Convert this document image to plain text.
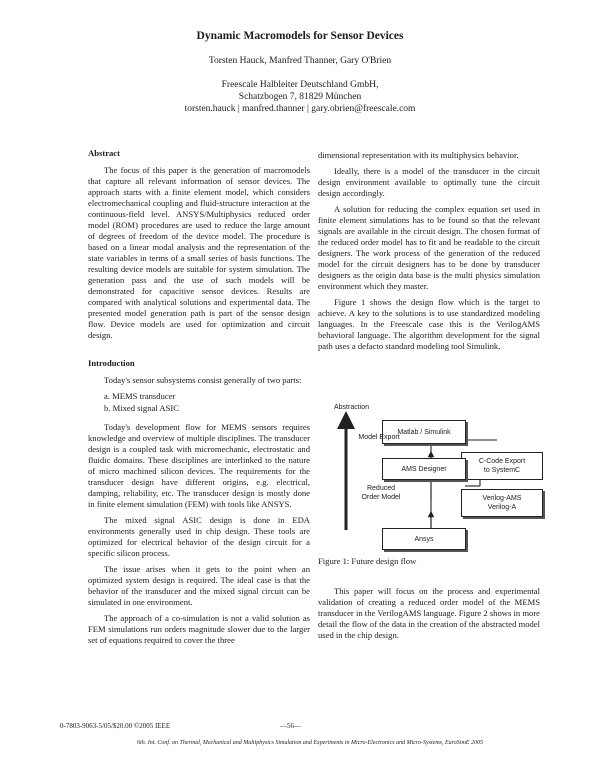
Dynamic Macromodels for Sensor Devices
Torsten Hauck, Manfred Thanner, Gary O'Brien
Freescale Halbleiter Deutschland GmbH,
Schatzbogen 7, 81829 München
torsten.hauck | manfred.thanner | gary.obrien@freescale.com
Abstract

The focus of this paper is the generation of macromodels that capture all relevant information of sensor devices. The approach starts with a finite element model, which considers electromechanical coupling and fluid-structure interaction at the continuous-field level. ANSYS/Multiphysics reduced order model (ROM) procedures are used to reduce the large amount of degrees of freedom of the device model. The procedure is based on a linear modal analysis and the representation of the state variables in terms of a small series of basis functions. The resulting device models are suitable for system simulation. The generation pass and the use of such models will be demonstrated for capacitive sensor devices. Results are compared with analytical solutions and experimental data. The presented model generation path is part of the sensor design flow. Device models are used for optimization and circuit design.

Introduction

Today's sensor subsystems consist generally of two parts:

a. MEMS transducer
b. Mixed signal ASIC

Today's development flow for MEMS sensors requires knowledge and overview of multiple disciplines. The transducer design is a coupled task with micromechanic, electrostatic and fluidic domains. These disciplines are interlinked to the nature of micro machined silicon devices. The requirements for the transducer design have different origins, e.g. electrical, damping, reliability, etc. The transducer design is mostly done in finite element simulation (FEM) with tools like ANSYS.

The mixed signal ASIC design is done in EDA environments generally used in chip design. These tools are optimized for electrical behavior of the design circuit for a specific silicon process.

The issue arises when it gets to the point when an optimized system design is required. The ideal case is that the behavior of the transducer and the mixed signal circuit can be simulated in one environment.

The approach of a co-simulation is not a valid solution as FEM simulations run orders magnitude slower due to the larger set of equations required to cover the three

dimensional representation with its multiphysics behavior.

Ideally, there is a model of the transducer in the circuit design environment available to optimally tune the circuit design accordingly.

A solution for reducing the complex equation set used in finite element simulations has to be found so that the relevant signals are available in the circuit design. The chosen format of the reduced order model has to fit and be readable to the circuit designers. The work process of the generation of the reduced model for the circuit designers has to be done by transducer designers as the origin data base is the multi physics simulation environment which they master.

Figure 1 shows the design flow which is the target to achieve. A key to the solutions is to use standardized modeling languages. In the Freescale case this is the VerilogAMS behavioral language. The algorithm development for the signal path uses a defacto standard modeling tool Simulink.

Abstraction
Matlab / Simulink
C-Code Export
to SystemC
Model Export
AMS Designer
Reduced
Order Model	Verilog-AMS
Verilog-A
Ansys
Figure 1: Future design flow

This paper will focus on the process and experimental validation of creating a reduced order model of the MEMS transducer in the VerilogAMS language. Figure 2 shows in more detail the flow of the data in the creation of the abstracted model used in the chip design.

0-7803-9063-5/05/$20.00 ©2005 IEEE	—56—
6th. Int. Conf. on Thermal, Mechanical and Multiphysics Simulation and Experiments in Micro-Electronics and Micro-Systems, EuroSimE 2005
